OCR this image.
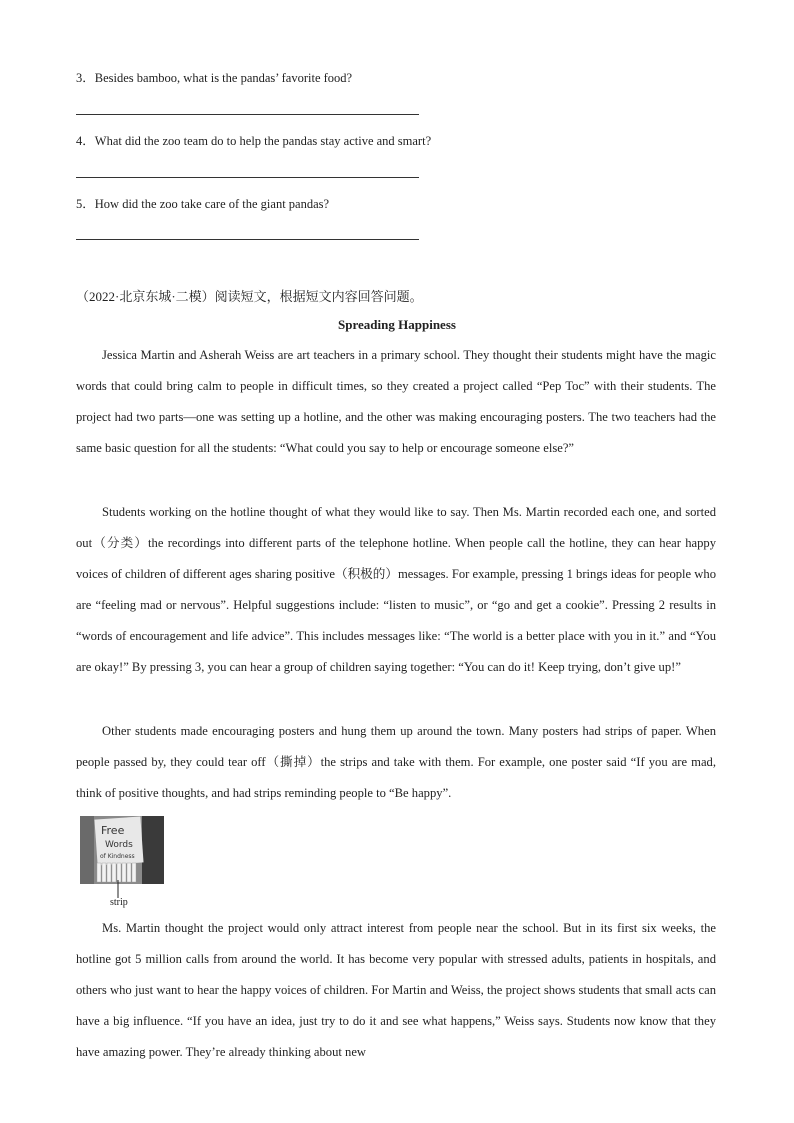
3．Besides bamboo, what is the pandas’ favorite food?
4．What did the zoo team do to help the pandas stay active and smart?
5．How did the zoo take care of the giant pandas?
（2022·北京东城·二模）阅读短文，根据短文内容回答问题。
Spreading Happiness

Jessica Martin and Asherah Weiss are art teachers in a primary school. They thought their students might have the magic words that could bring calm to people in difficult times, so they created a project called “Pep Toc” with their students. The project had two parts—one was setting up a hotline, and the other was making encouraging posters. The two teachers had the same basic question for all the students: “What could you say to help or encourage someone else?”

Students working on the hotline thought of what they would like to say. Then Ms. Martin recorded each one, and sorted out（分类）the recordings into different parts of the telephone hotline. When people call the hotline, they can hear happy voices of children of different ages sharing positive（积极的）messages. For example, pressing 1 brings ideas for people who are “feeling mad or nervous”. Helpful suggestions include: “listen to music”, or “go and get a cookie”. Pressing 2 results in “words of encouragement and life advice”. This includes messages like: “The world is a better place with you in it.” and “You are okay!” By pressing 3, you can hear a group of children saying together: “You can do it! Keep trying, don’t give up!”

Other students made encouraging posters and hung them up around the town. Many posters had strips of paper. When people passed by, they could tear off（撕掉）the strips and take with them. For example, one poster said “If you are mad, think of positive thoughts, and had strips reminding people to “Be happy”.

Free
Words
of Kindness
strip

Ms. Martin thought the project would only attract interest from people near the school. But in its first six weeks, the hotline got 5 million calls from around the world. It has become very popular with stressed adults, patients in hospitals, and others who just want to hear the happy voices of children. For Martin and Weiss, the project shows students that small acts can have a big influence. “If you have an idea, just try to do it and see what happens,” Weiss says. Students now know that they have amazing power. They’re already thinking about new
